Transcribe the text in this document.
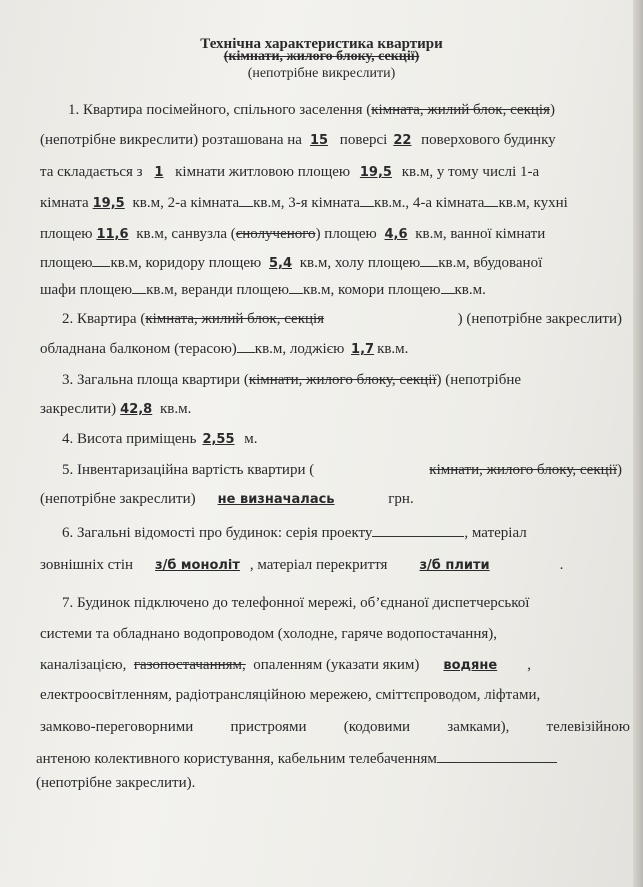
Технічна характеристика квартири
(кімнати, жилого блоку, секції)
(непотрібне викреслити)
1. Квартира посімейного, спільного заселення (кімната, жилий блок, секція)
(непотрібне викреслити) розташована на 15 поверсі 22 поверхового будинку
та складається з 1 кімнати житловою площею 19,5 кв.м, у тому числі 1-а
кімната 19,5 кв.м, 2-а кімната кв.м, 3-я кімната кв.м., 4-а кімната кв.м, кухні
площею 11,6 кв.м, санвузла (єнолученого) площею 4,6 кв.м, ванної кімнати
площею кв.м, коридору площею 5,4 кв.м, холу площею кв.м, вбудованої
шафи площею кв.м, веранди площею кв.м, комори площею кв.м.
2. Квартира (кімната, жилий блок, секція	) (непотрібне закреслити)
обладнана балконом (терасою) кв.м, лоджією 1,7 кв.м.
3. Загальна площа квартири (кімнати, жилого блоку, секції) (непотрібне
закреслити) 42,8 кв.м.
4. Висота приміщень 2,55 м.
5. Інвентаризаційна вартість квартири (	кімнати, жилого блоку, секції)
(непотрібне закреслити) не визначалась	грн.
6. Загальні відомості про будинок: серія проекту	, матеріал
зовнішніх стін з/б моноліт , матеріал перекриття з/б плити	.
7. Будинок підключено до телефонної мережі, об’єднаної диспетчерської
системи та обладнано водопроводом (холодне, гаряче водопостачання),
каналізацією, газопостачанням, опаленням (указати яким) водяне ,
електроосвітленням, радіотрансляційною мережею, сміттєпроводом, ліфтами,
замково-переговорними пристроями (кодовими замками), телевізійною
антеною колективного користування, кабельним телебаченням
(непотрібне закреслити).
